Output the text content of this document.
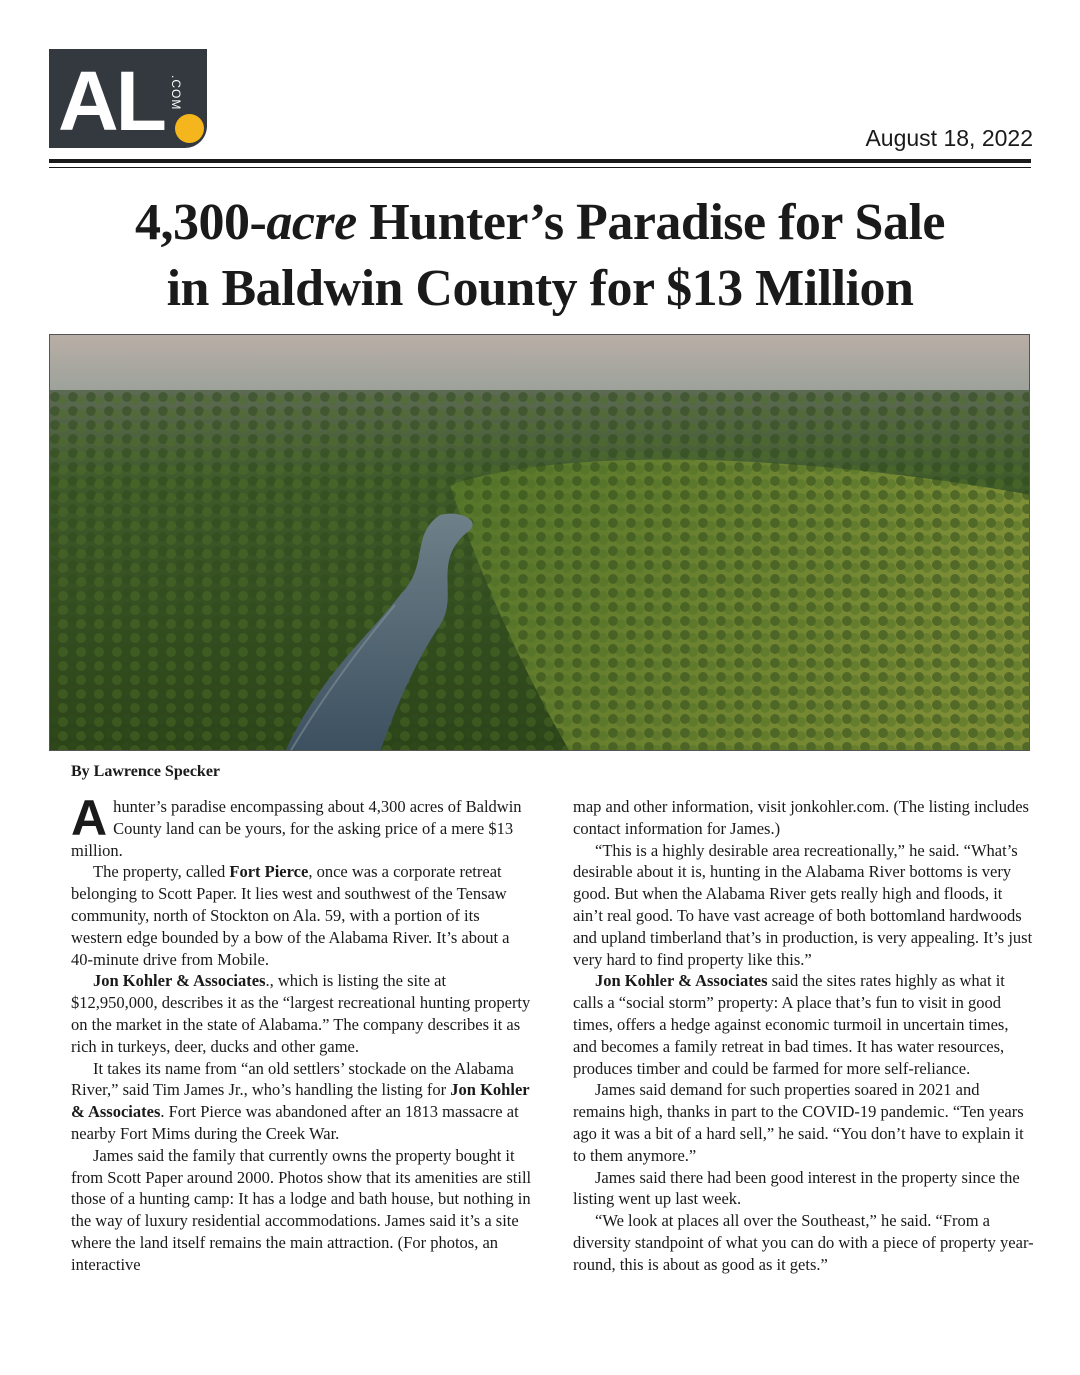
AL .COM
August 18, 2022
4,300-acre Hunter’s Paradise for Sale
in Baldwin County for $13 Million
By Lawrence Specker

Ahunter’s paradise encompassing about 4,300 acres of Baldwin County land can be yours, for the asking price of a mere $13 million.

The property, called Fort Pierce, once was a corporate retreat belonging to Scott Paper. It lies west and southwest of the Tensaw community, north of Stockton on Ala. 59, with a portion of its western edge bounded by a bow of the Alabama River. It’s about a 40-minute drive from Mobile.

Jon Kohler & Associates., which is listing the site at $12,950,000, describes it as the “largest recreational hunting property on the market in the state of Alabama.” The company describes it as rich in turkeys, deer, ducks and other game.

It takes its name from “an old settlers’ stockade on the Alabama River,” said Tim James Jr., who’s handling the listing for Jon Kohler & Associates. Fort Pierce was abandoned after an 1813 massacre at nearby Fort Mims during the Creek War.

James said the family that currently owns the property bought it from Scott Paper around 2000. Photos show that its amenities are still those of a hunting camp: It has a lodge and bath house, but nothing in the way of luxury residential accommodations. James said it’s a site where the land itself remains the main attraction. (For photos, an interactive

map and other information, visit jonkohler.com. (The listing includes contact information for James.)

“This is a highly desirable area recreationally,” he said. “What’s desirable about it is, hunting in the Alabama River bottoms is very good. But when the Alabama River gets really high and floods, it ain’t real good. To have vast acreage of both bottomland hardwoods and upland timberland that’s in production, is very appealing. It’s just very hard to find property like this.”

Jon Kohler & Associates said the sites rates highly as what it calls a “social storm” property: A place that’s fun to visit in good times, offers a hedge against economic turmoil in uncertain times, and becomes a family retreat in bad times. It has water resources, produces timber and could be farmed for more self-reliance.

James said demand for such properties soared in 2021 and remains high, thanks in part to the COVID-19 pandemic. “Ten years ago it was a bit of a hard sell,” he said. “You don’t have to explain it to them anymore.”

James said there had been good interest in the property since the listing went up last week.

“We look at places all over the Southeast,” he said. “From a diversity standpoint of what you can do with a piece of property year-round, this is about as good as it gets.”
